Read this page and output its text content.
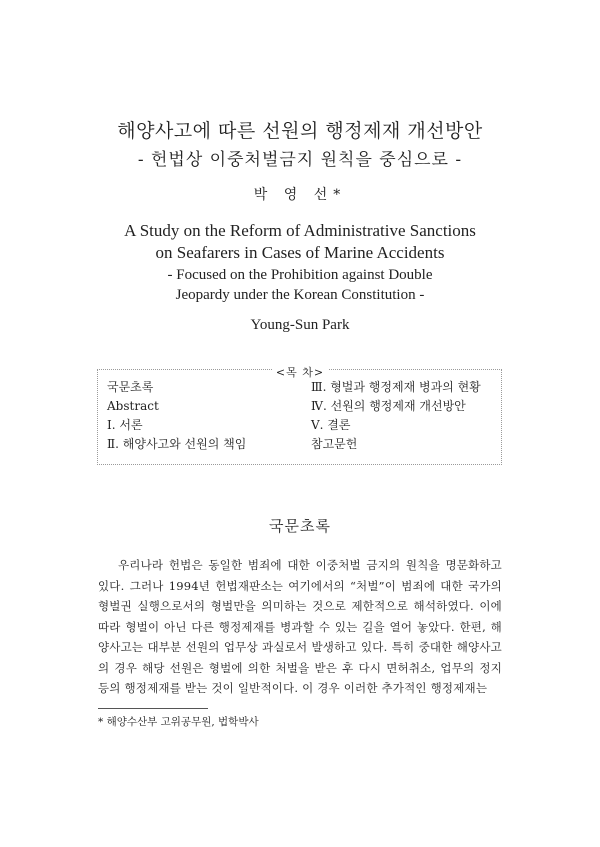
해양사고에 따른 선원의 행정제재 개선방안
- 헌법상 이중처벌금지 원칙을 중심으로 -
박 영 선*
A Study on the Reform of Administrative Sanctions
on Seafarers in Cases of Marine Accidents
- Focused on the Prohibition against Double
Jeopardy under the Korean Constitution -
Young-Sun Park
<목 차>
국문초록
Abstract
Ⅰ. 서론
Ⅱ. 해양사고와 선원의 책임
Ⅲ. 형벌과 행정제재 병과의 현황
Ⅳ. 선원의 행정제재 개선방안
Ⅴ. 결론
참고문헌
국문초록
우리나라 헌법은 동일한 범죄에 대한 이중처벌 금지의 원칙을 명문화하고 있다. 그러나 1994년 헌법재판소는 여기에서의 “처벌”이 범죄에 대한 국가의 형벌권 실행으로서의 형벌만을 의미하는 것으로 제한적으로 해석하였다. 이에 따라 형벌이 아닌 다른 행정제재를 병과할 수 있는 길을 열어 놓았다. 한편, 해양사고는 대부분 선원의 업무상 과실로서 발생하고 있다. 특히 중대한 해양사고의 경우 해당 선원은 형벌에 의한 처벌을 받은 후 다시 면허취소, 업무의 정지 등의 행정제재를 받는 것이 일반적이다. 이 경우 이러한 추가적인 행정제재는
* 해양수산부 고위공무원, 법학박사
